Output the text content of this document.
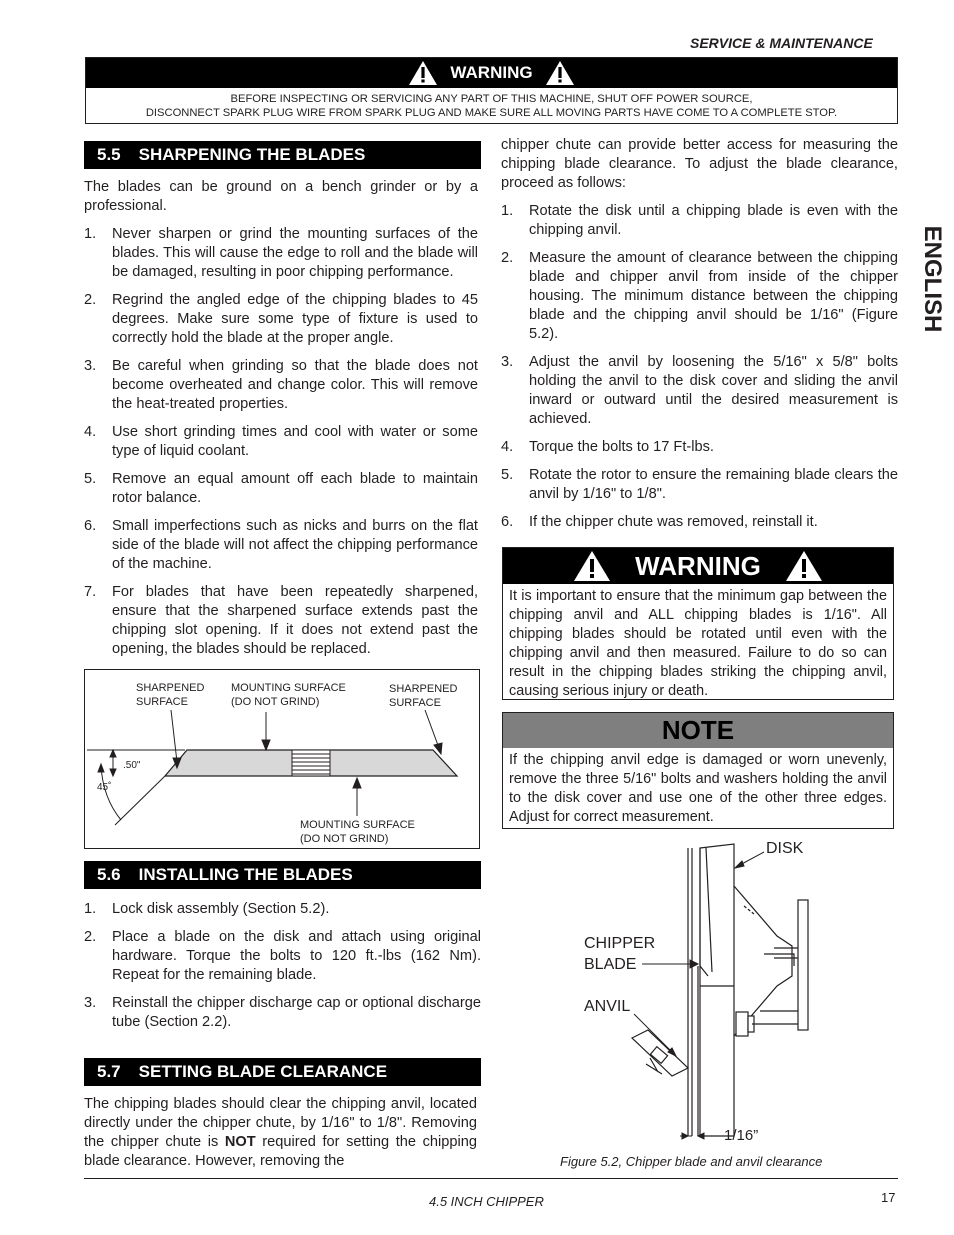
SERVICE & MAINTENANCE
WARNING
BEFORE INSPECTING OR SERVICING ANY PART OF THIS MACHINE, SHUT OFF POWER SOURCE,
DISCONNECT SPARK PLUG WIRE FROM SPARK PLUG AND MAKE SURE ALL MOVING PARTS HAVE COME TO A COMPLETE STOP.
5.5 SHARPENING THE BLADES
The blades can be ground on a bench grinder or by a professional.
1.	Never sharpen or grind the mounting surfaces of the blades. This will cause the edge to roll and the blade will be damaged, resulting in poor chipping performance.
2.	Regrind the angled edge of the chipping blades to 45 degrees. Make sure some type of fixture is used to correctly hold the blade at the proper angle.
3.	Be careful when grinding so that the blade does not become overheated and change color. This will remove the heat-treated properties.
4.	Use short grinding times and cool with water or some type of liquid coolant.
5.	Remove an equal amount off each blade to maintain rotor balance.
6.	Small imperfections such as nicks and burrs on the flat side of the blade will not affect the chipping performance of the machine.
7.	For blades that have been repeatedly sharpened, ensure that the sharpened surface extends past the chipping slot opening. If it does not extend past the opening, the blades should be replaced.
SHARPENED
SURFACE
MOUNTING SURFACE
(DO NOT GRIND)
SHARPENED
SURFACE
.50"
45˚
MOUNTING SURFACE
(DO NOT GRIND)
5.6 INSTALLING THE BLADES
1.	Lock disk assembly (Section 5.2).
2.	Place a blade on the disk and attach using original hardware. Torque the bolts to 120 ft.-lbs (162 Nm). Repeat for the remaining blade.
3.	Reinstall the chipper discharge cap or optional discharge tube (Section 2.2).
5.7 SETTING BLADE CLEARANCE
The chipping blades should clear the chipping anvil, located directly under the chipper chute, by 1/16" to 1/8". Removing the chipper chute is NOT required for setting the chipping blade clearance. However, removing the
chipper chute can provide better access for measuring the chipping blade clearance. To adjust the blade clearance, proceed as follows:
1.	Rotate the disk until a chipping blade is even with the chipping anvil.
2.	Measure the amount of clearance between the chipping blade and chipper anvil from inside of the chipper housing. The minimum distance between the chipping blade and the chipping anvil should be 1/16" (Figure 5.2).
3.	Adjust the anvil by loosening the 5/16" x 5/8" bolts holding the anvil to the disk cover and sliding the anvil inward or outward until the desired measurement is achieved.
4.	Torque the bolts to 17 Ft-lbs.
5.	Rotate the rotor to ensure the remaining blade clears the anvil by 1/16" to 1/8".
6.	If the chipper chute was removed, reinstall it.
WARNING
It is important to ensure that the minimum gap between the chipping anvil and ALL chipping blades is 1/16". All chipping blades should be rotated until even with the chipping anvil and then measured. Failure to do so can result in the chipping blades striking the chipping anvil, causing serious injury or death.
NOTE
If the chipping anvil edge is damaged or worn unevenly, remove the three 5/16" bolts and washers holding the anvil to the disk cover and use one of the other three edges. Adjust for correct measurement.
ENGLISH
DISK
CHIPPER
BLADE
ANVIL
1/16”
Figure 5.2, Chipper blade and anvil clearance
4.5 INCH CHIPPER	17
